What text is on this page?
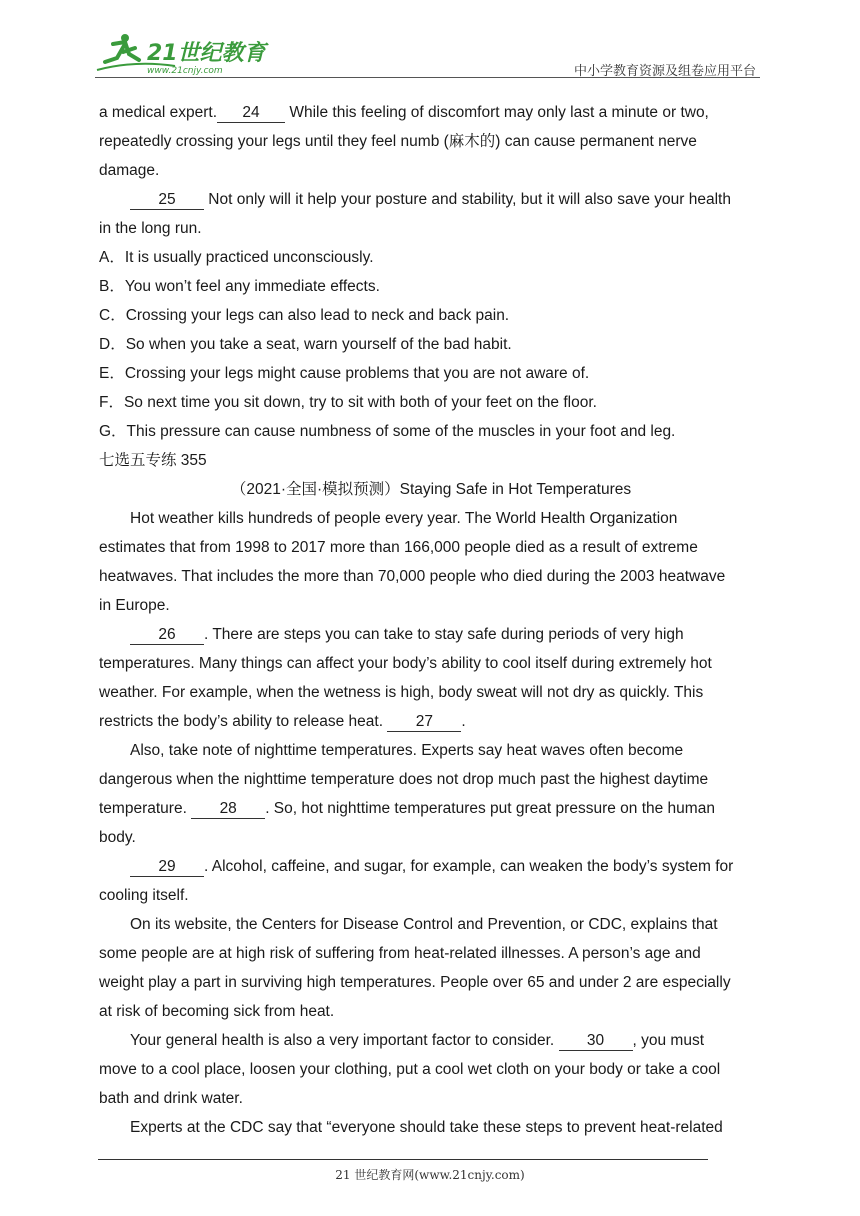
21世纪教育
www.21cnjy.com	中小学教育资源及组卷应用平台
a medical expert. 24 While this feeling of discomfort may only last a minute or two,
repeatedly crossing your legs until they feel numb (麻木的) can cause permanent nerve
damage.
25 Not only will it help your posture and stability, but it will also save your health
in the long run.
A．It is usually practiced unconsciously.
B．You won’t feel any immediate effects.
C．Crossing your legs can also lead to neck and back pain.
D．So when you take a seat, warn yourself of the bad habit.
E．Crossing your legs might cause problems that you are not aware of.
F．So next time you sit down, try to sit with both of your feet on the floor.
G．This pressure can cause numbness of some of the muscles in your foot and leg.
七选五专练 355
（2021·全国·模拟预测）Staying Safe in Hot Temperatures
Hot weather kills hundreds of people every year. The World Health Organization
estimates that from 1998 to 2017 more than 166,000 people died as a result of extreme
heatwaves. That includes the more than 70,000 people who died during the 2003 heatwave
in Europe.
26 . There are steps you can take to stay safe during periods of very high
temperatures. Many things can affect your body’s ability to cool itself during extremely hot
weather. For example, when the wetness is high, body sweat will not dry as quickly. This
restricts the body’s ability to release heat. 27 .
Also, take note of nighttime temperatures. Experts say heat waves often become
dangerous when the nighttime temperature does not drop much past the highest daytime
temperature. 28 . So, hot nighttime temperatures put great pressure on the human
body.
29 . Alcohol, caffeine, and sugar, for example, can weaken the body’s system for
cooling itself.
On its website, the Centers for Disease Control and Prevention, or CDC, explains that
some people are at high risk of suffering from heat-related illnesses. A person’s age and
weight play a part in surviving high temperatures. People over 65 and under 2 are especially
at risk of becoming sick from heat.
Your general health is also a very important factor to consider. 30 , you must
move to a cool place, loosen your clothing, put a cool wet cloth on your body or take a cool
bath and drink water.
Experts at the CDC say that “everyone should take these steps to prevent heat-related
21 世纪教育网(www.21cnjy.com)
